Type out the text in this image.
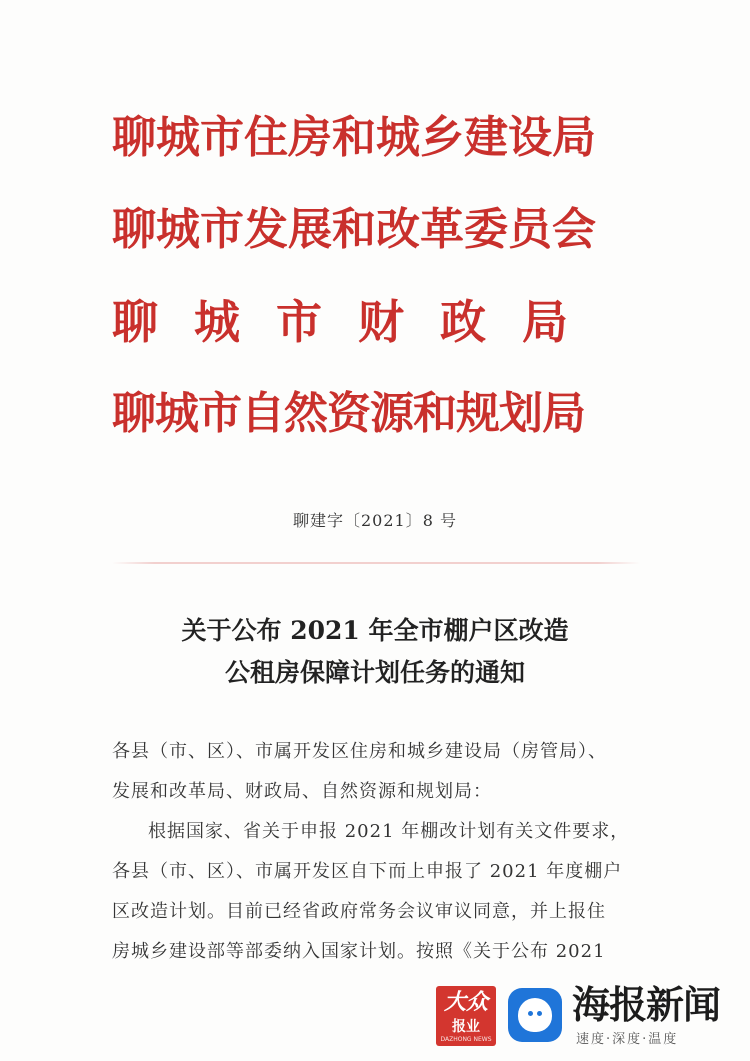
聊城市住房和城乡建设局
聊城市发展和改革委员会
聊城市财政局
聊城市自然资源和规划局
聊建字〔2021〕8 号
关于公布 2021 年全市棚户区改造
公租房保障计划任务的通知
各县（市、区）、市属开发区住房和城乡建设局（房管局）、
发展和改革局、财政局、自然资源和规划局：
根据国家、省关于申报 2021 年棚改计划有关文件要求，
各县（市、区）、市属开发区自下而上申报了 2021 年度棚户
区改造计划。目前已经省政府常务会议审议同意，并上报住
房城乡建设部等部委纳入国家计划。按照《关于公布 2021
大众
报业
DAZHONG NEWS
海报新闻
速度·深度·温度
